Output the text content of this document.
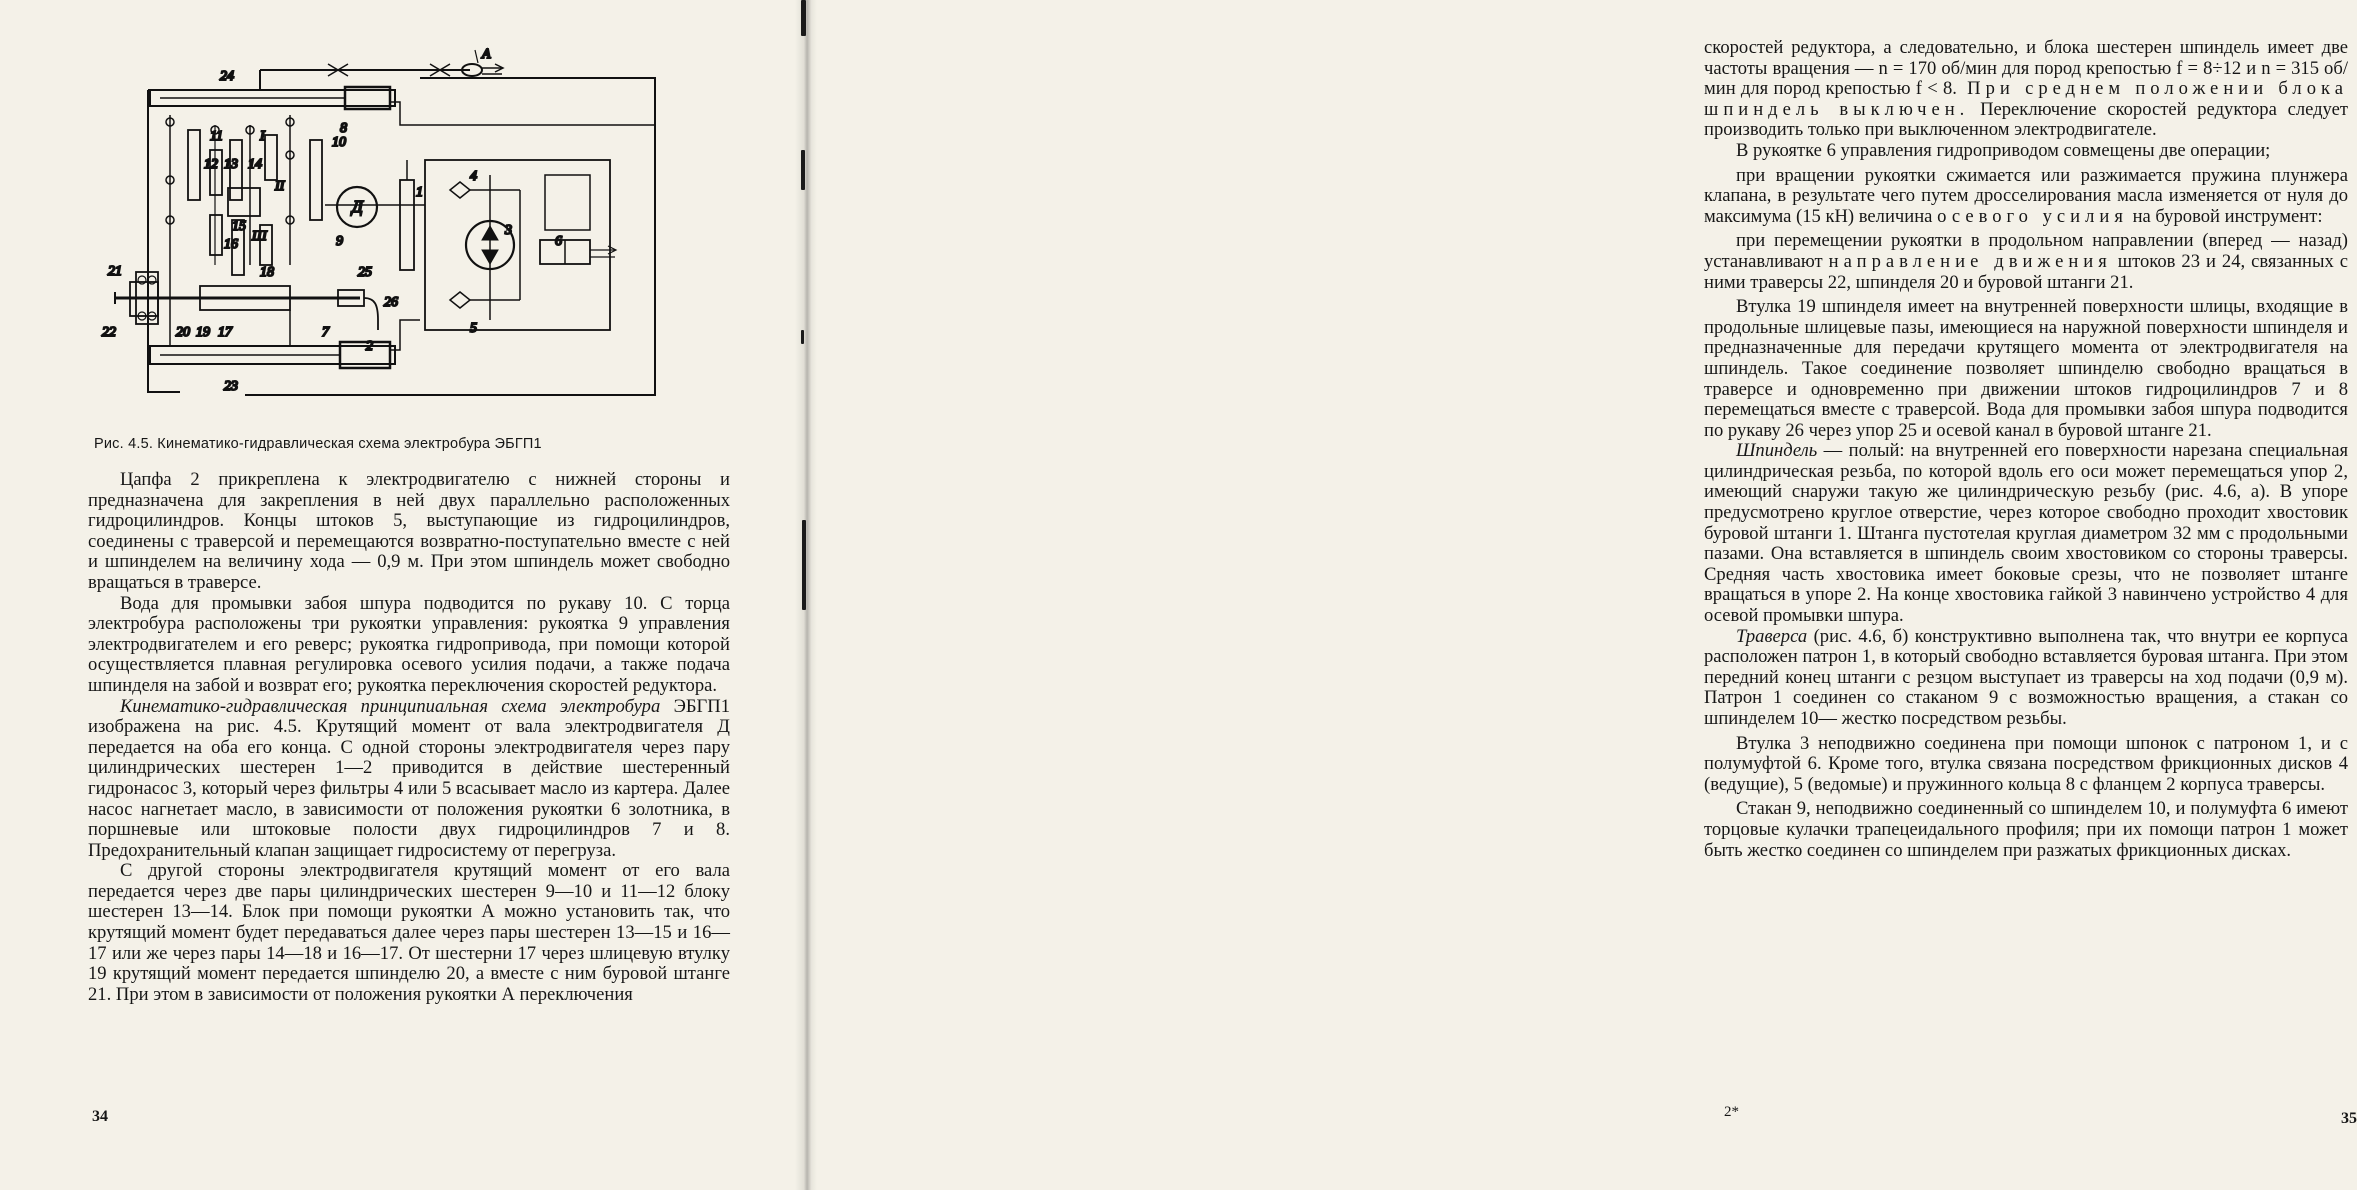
А
24
11	I
14
8
10
12 13
II
4
15
Д
9
1
3
16
Ш
18	25
6
21
26
22	20 19 17	5
7
2
23
Рис. 4.5. Кинематико-гидравлическая схема электробура ЭБГП1

Цапфа 2 прикреплена к электродвигателю с нижней стороны и предназначена для закрепления в ней двух параллельно расположенных гидроцилиндров. Концы штоков 5, выступающие из гидроцилиндров, соединены с траверсой и перемещаются возвратно-поступательно вместе с ней и шпинделем на величину хода — 0,9 м. При этом шпиндель может свободно вращаться в траверсе.

Вода для промывки забоя шпура подводится по рукаву 10. С торца электробура расположены три рукоятки управления: рукоятка 9 управления электродвигателем и его реверс; рукоятка гидропривода, при помощи которой осуществляется плавная регулировка осевого усилия подачи, а также подача шпинделя на забой и возврат его; рукоятка переключения скоростей редуктора.

Кинематико-гидравлическая принципиальная схема электробура ЭБГП1 изображена на рис. 4.5. Крутящий момент от вала электродвигателя Д передается на оба его конца. С одной стороны электродвигателя через пару цилиндрических шестерен 1—2 приводится в действие шестеренный гидронасос 3, который через фильтры 4 или 5 всасывает масло из картера. Далее насос нагнетает масло, в зависимости от положения рукоятки 6 золотника, в поршневые или штоковые полости двух гидроцилиндров 7 и 8. Предохранительный клапан защищает гидросистему от перегруза.

С другой стороны электродвигателя крутящий момент от его вала передается через две пары цилиндрических шестерен 9—10 и 11—12 блоку шестерен 13—14. Блок при помощи рукоятки А можно установить так, что крутящий момент будет передаваться далее через пары шестерен 13—15 и 16—17 или же через пары 14—18 и 16—17. От шестерни 17 через шлицевую втулку 19 крутящий момент передается шпинделю 20, а вместе с ним буровой штанге 21. При этом в зависимости от положения рукоятки А переключения

34

скоростей редуктора, а следовательно, и блока шестерен шпиндель имеет две частоты вращения — n = 170 об/мин для пород крепостью f = 8÷12 и n = 315 об/мин для пород крепостью f < 8. При среднем положении блока шпиндель выключен. Переключение скоростей редуктора следует производить только при выключенном электродвигателе.

В рукоятке 6 управления гидроприводом совмещены две операции;

при вращении рукоятки сжимается или разжимается пружина плунжера клапана, в результате чего путем дросселирования масла изменяется от нуля до максимума (15 кН) величина осевого усилия на буровой инструмент:

при перемещении рукоятки в продольном направлении (вперед — назад) устанавливают направление движения штоков 23 и 24, связанных с ними траверсы 22, шпинделя 20 и буровой штанги 21.

Втулка 19 шпинделя имеет на внутренней поверхности шлицы, входящие в продольные шлицевые пазы, имеющиеся на наружной поверхности шпинделя и предназначенные для передачи крутящего момента от электродвигателя на шпиндель. Такое соединение позволяет шпинделю свободно вращаться в траверсе и одновременно при движении штоков гидроцилиндров 7 и 8 перемещаться вместе с траверсой. Вода для промывки забоя шпура подводится по рукаву 26 через упор 25 и осевой канал в буровой штанге 21.

Шпиндель — полый: на внутренней его поверхности нарезана специальная цилиндрическая резьба, по которой вдоль его оси может перемещаться упор 2, имеющий снаружи такую же цилиндрическую резьбу (рис. 4.6, а). В упоре предусмотрено круглое отверстие, через которое свободно проходит хвостовик буровой штанги 1. Штанга пустотелая круглая диаметром 32 мм с продольными пазами. Она вставляется в шпиндель своим хвостовиком со стороны траверсы. Средняя часть хвостовика имеет боковые срезы, что не позволяет штанге вращаться в упоре 2. На конце хвостовика гайкой 3 навинчено устройство 4 для осевой промывки шпура.

Траверса (рис. 4.6, б) конструктивно выполнена так, что внутри ее корпуса расположен патрон 1, в который свободно вставляется буровая штанга. При этом передний конец штанги с резцом выступает из траверсы на ход подачи (0,9 м). Патрон 1 соединен со стаканом 9 с возможностью вращения, а стакан со шпинделем 10— жестко посредством резьбы.

Втулка 3 неподвижно соединена при помощи шпонок с патроном 1, и с полумуфтой 6. Кроме того, втулка связана посредством фрикционных дисков 4 (ведущие), 5 (ведомые) и пружинного кольца 8 с фланцем 2 корпуса траверсы.

Стакан 9, неподвижно соединенный со шпинделем 10, и полумуфта 6 имеют торцовые кулачки трапецеидального профиля; при их помощи патрон 1 может быть жестко соединен со шпинделем при разжатых фрикционных дисках.

2*	35
